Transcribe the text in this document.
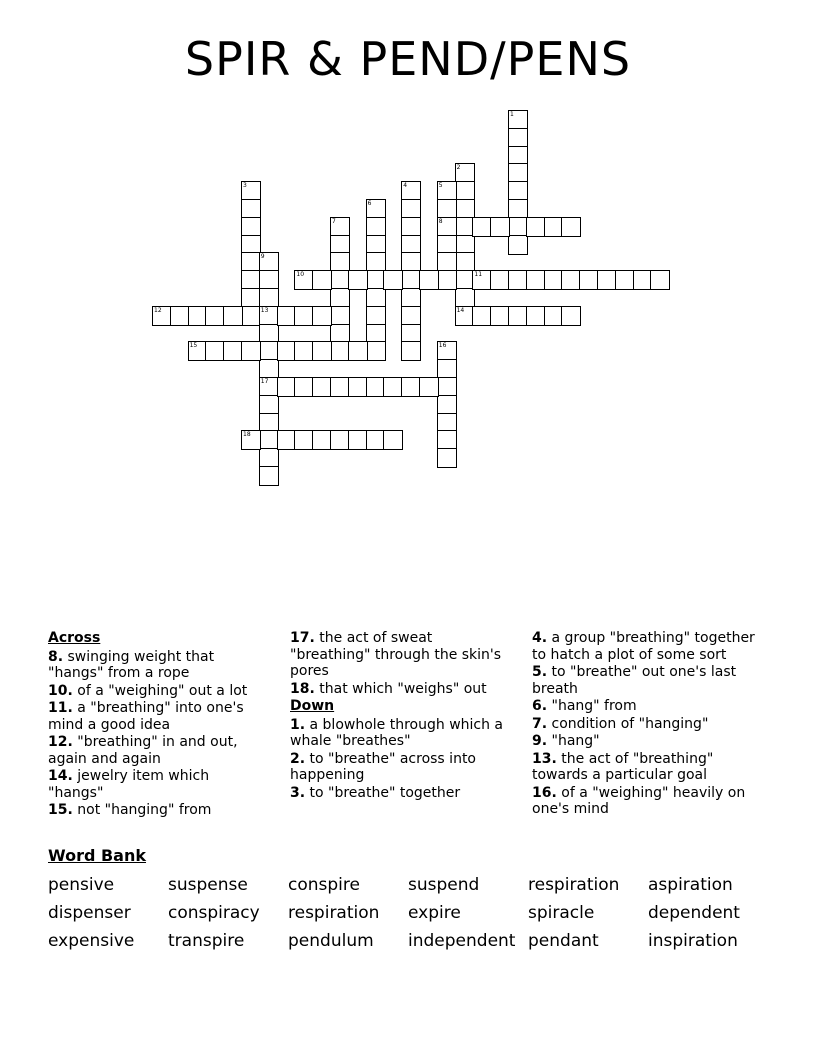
SPIR & PEND/PENS
1
2
14
3	4	5
8
6
7
9
13
10	11
12
17
15	16
18
Across
8. swinging weight that "hangs" from a rope
10. of a "weighing" out a lot
11. a "breathing" into one's mind a good idea
12. "breathing" in and out, again and again
14. jewelry item which "hangs"
15. not "hanging" from
17. the act of sweat "breathing" through the skin's pores
18. that which "weighs" out
Down
1. a blowhole through which a whale "breathes"
2. to "breathe" across into happening
3. to "breathe" together
4. a group "breathing" together to hatch a plot of some sort
5. to "breathe" out one's last breath
6. "hang" from
7. condition of "hanging"
9. "hang"
13. the act of "breathing" towards a particular goal
16. of a "weighing" heavily on one's mind
Word Bank
pensive	suspense conspire	suspend	respiration aspiration
dispenser conspiracy respiration expire	spiracle	dependent
expensive transpire	pendulum independent pendant	inspiration
